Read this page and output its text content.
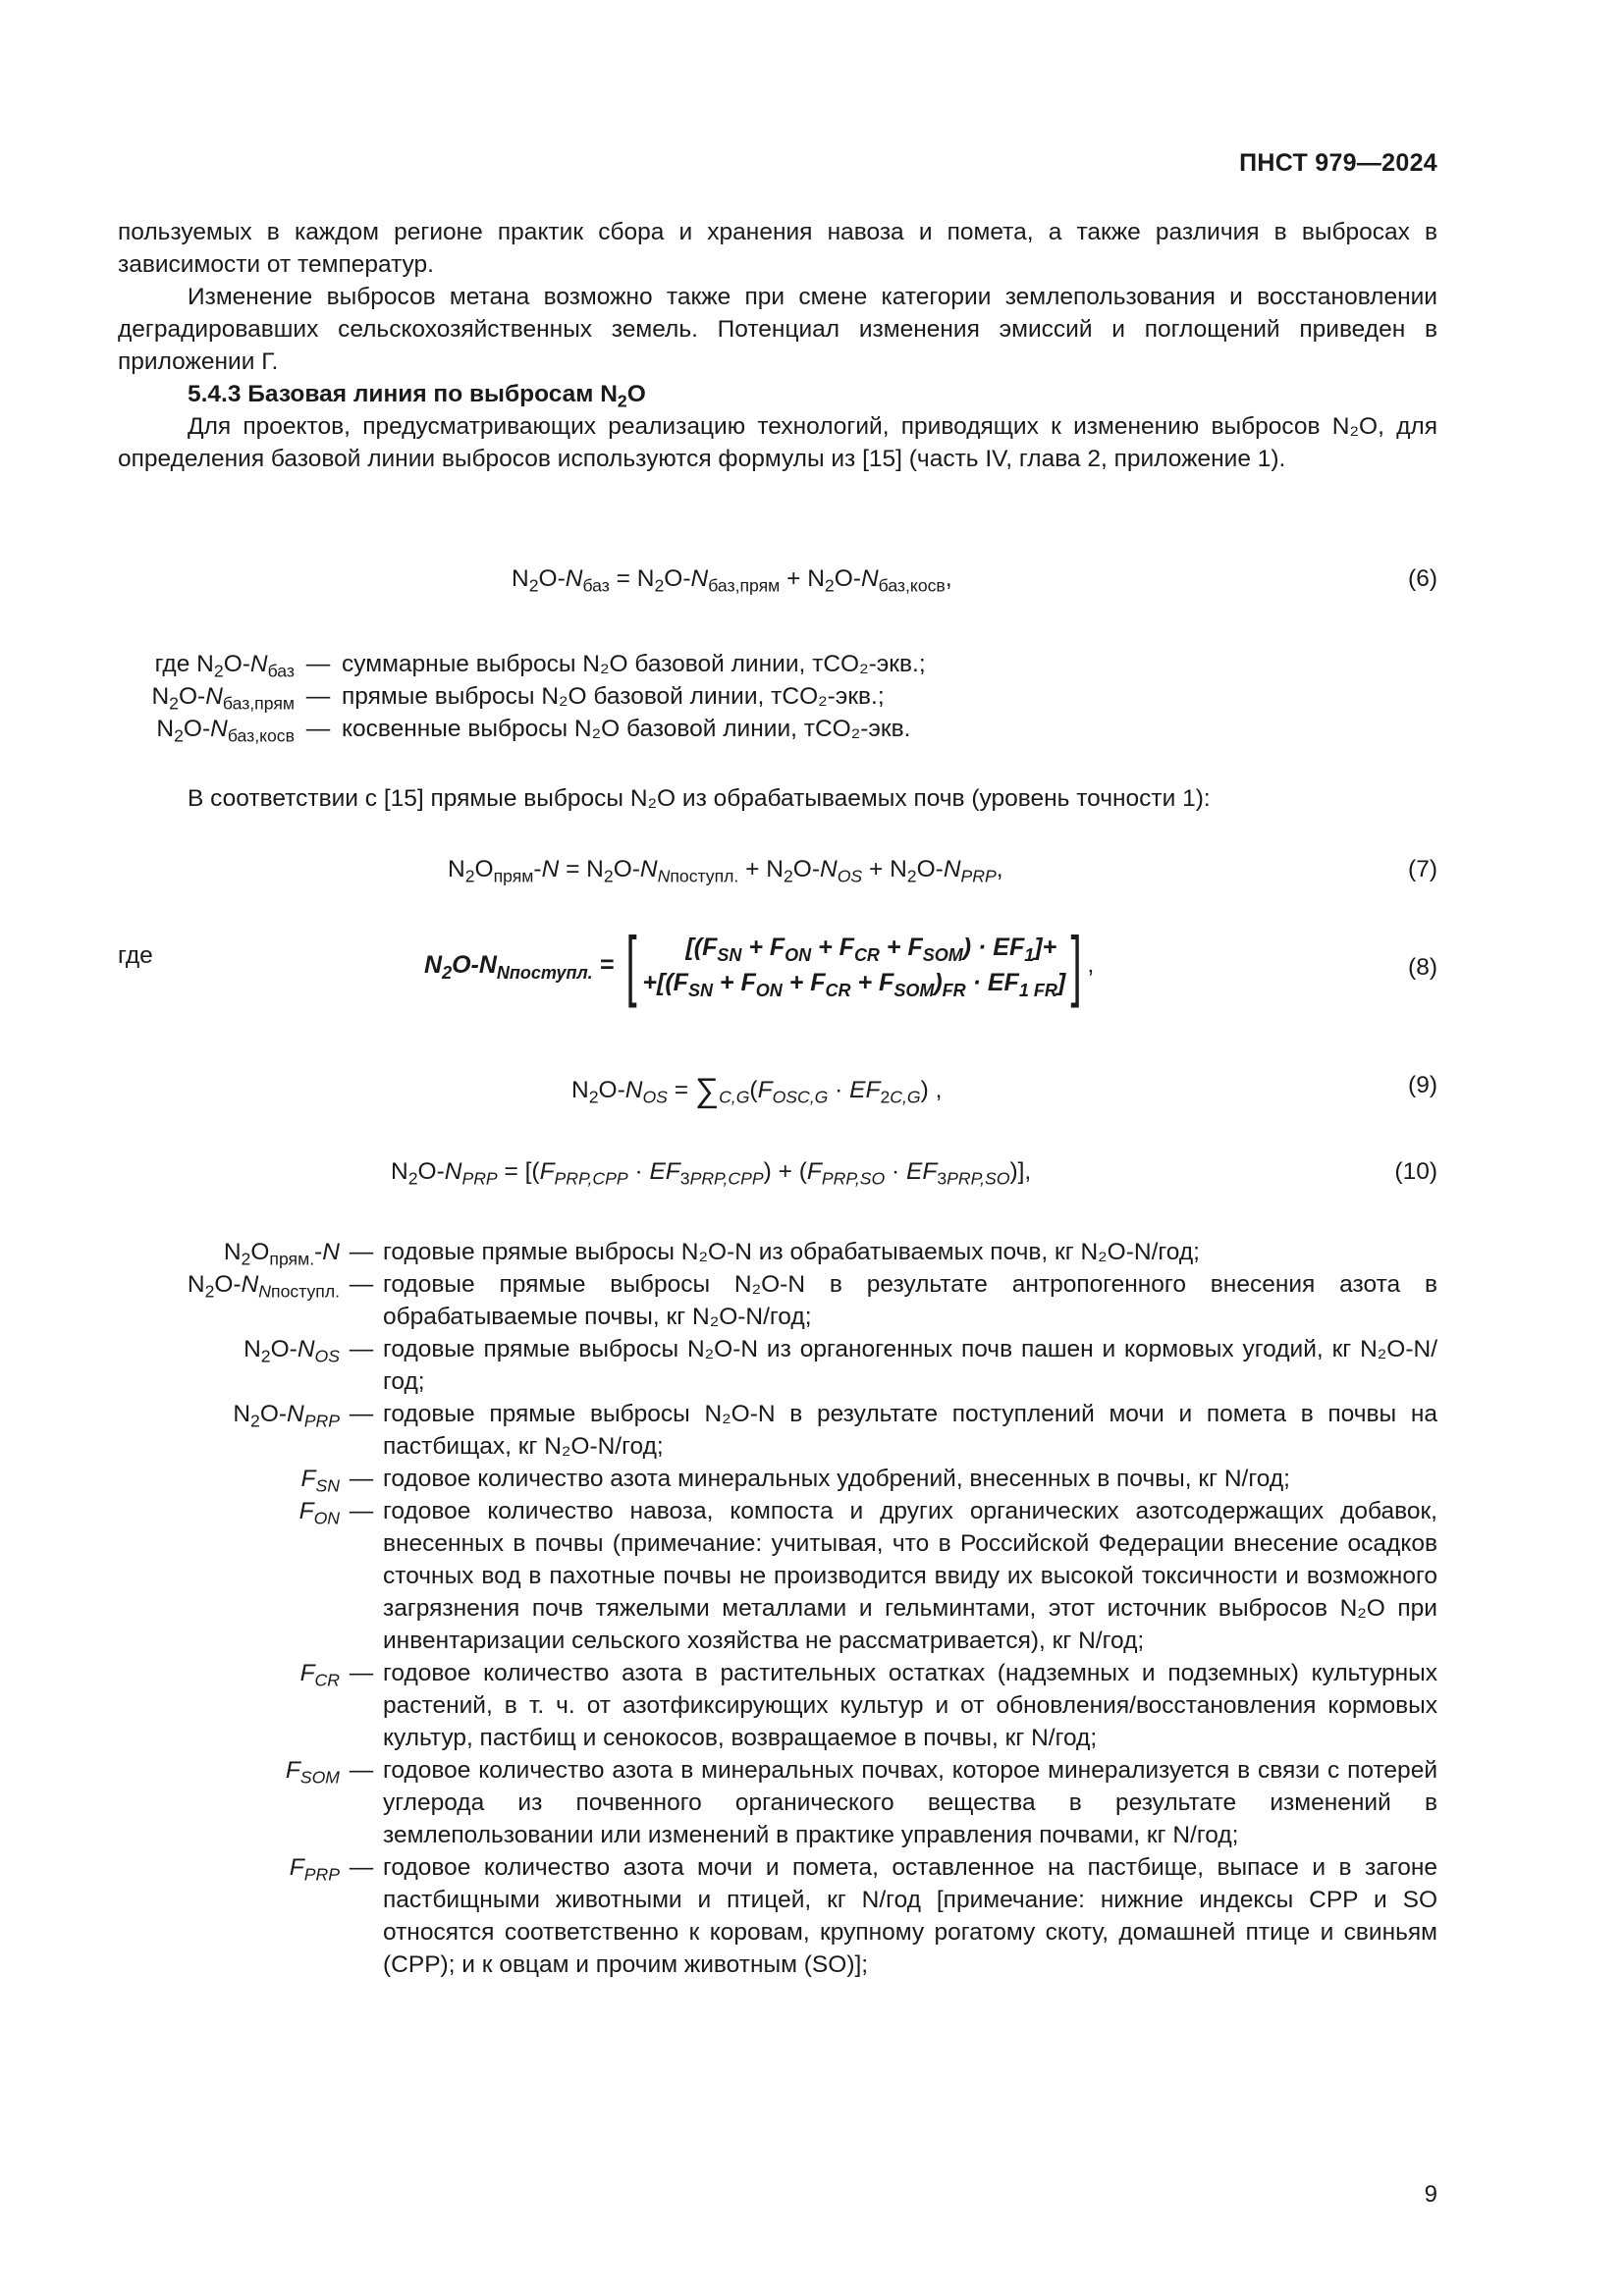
ПНСТ 979—2024

пользуемых в каждом регионе практик сбора и хранения навоза и помета, а также различия в выбросах в зависимости от температур.

Изменение выбросов метана возможно также при смене категории землепользования и восстановлении деградировавших сельскохозяйственных земель. Потенциал изменения эмиссий и поглощений приведен в приложении Г.

5.4.3 Базовая линия по выбросам $N_2O$

Для проектов, предусматривающих реализацию технологий, приводящих к изменению выбросов N₂O, для определения базовой линии выбросов используются формулы из [15] (часть IV, глава 2, приложение 1).

$N_2O-N_{баз} = N_2O-N_{баз,прям} + N_2O-N_{баз,косв}$,	(6)
где $N_2O-N_{баз}$ — суммарные выбросы N₂O базовой линии, тCO₂-экв.;
$N_2O-N_{баз,прям}$ — прямые выбросы N₂O базовой линии, тCO₂-экв.;
$N_2O-N_{баз,косв}$ — косвенные выбросы N₂O базовой линии, тCO₂-экв.

В соответствии с [15] прямые выбросы N₂O из обрабатываемых почв (уровень точности 1):

$N_2O_{прям}-N = N_2O-N_{Nпоступл.} + N_2O-N_{OS} + N_2O-N_{PRP}$,	(7)
где	$N_2O-N_{Nпоступл.}$ = [	$[(F_{SN} + F_{ON} + F_{CR} + F_{SOM}) \cdot EF_1]+$
$+[(F_{SN} + F_{ON} + F_{CR} + F_{SOM})_{FR} \cdot EF_{1 FR}]$ ] ,	(8)
$N_2O-N_{OS} = \sum_{C,G}(F_{OSC,G} \cdot EF_{2C,G})$ ,	(9)
$N_2O-N_{PRP} = [(F_{PRP,CPP} \cdot EF_{3PRP,CPP}) + (F_{PRP,SO} \cdot EF_{3PRP,SO})]$,	(10)
$N_2O_{прям.}-N$ — годовые прямые выбросы N₂O-N из обрабатываемых почв, кг N₂O-N/год;
$N_2O-N_{Nпоступл.}$ — годовые прямые выбросы N₂O-N в результате антропогенного внесения азота в обрабатываемые почвы, кг N₂O-N/год;
$N_2O-N_{OS}$ — годовые прямые выбросы N₂O-N из органогенных почв пашен и кормовых угодий, кг N₂O-N/год;
$N_2O-N_{PRP}$ — годовые прямые выбросы N₂O-N в результате поступлений мочи и помета в почвы на пастбищах, кг N₂O-N/год;
$F_{SN}$ — годовое количество азота минеральных удобрений, внесенных в почвы, кг N/год;
$F_{ON}$ — годовое количество навоза, компоста и других органических азотсодержащих добавок, внесенных в почвы (примечание: учитывая, что в Российской Федерации внесение осадков сточных вод в пахотные почвы не производится ввиду их высокой токсичности и возможного загрязнения почв тяжелыми металлами и гельминтами, этот источник выбросов N₂O при инвентаризации сельского хозяйства не рассматривается), кг N/год;
$F_{CR}$ — годовое количество азота в растительных остатках (надземных и подземных) культурных растений, в т. ч. от азотфиксирующих культур и от обновления/восстановления кормовых культур, пастбищ и сенокосов, возвращаемое в почвы, кг N/год;
$F_{SOM}$ — годовое количество азота в минеральных почвах, которое минерализуется в связи с потерей углерода из почвенного органического вещества в результате изменений в землепользовании или изменений в практике управления почвами, кг N/год;
$F_{PRP}$ — годовое количество азота мочи и помета, оставленное на пастбище, выпасе и в загоне пастбищными животными и птицей, кг N/год [примечание: нижние индексы CPP и SO относятся соответственно к коровам, крупному рогатому скоту, домашней птице и свиньям (CPP); и к овцам и прочим животным (SO)];
9
